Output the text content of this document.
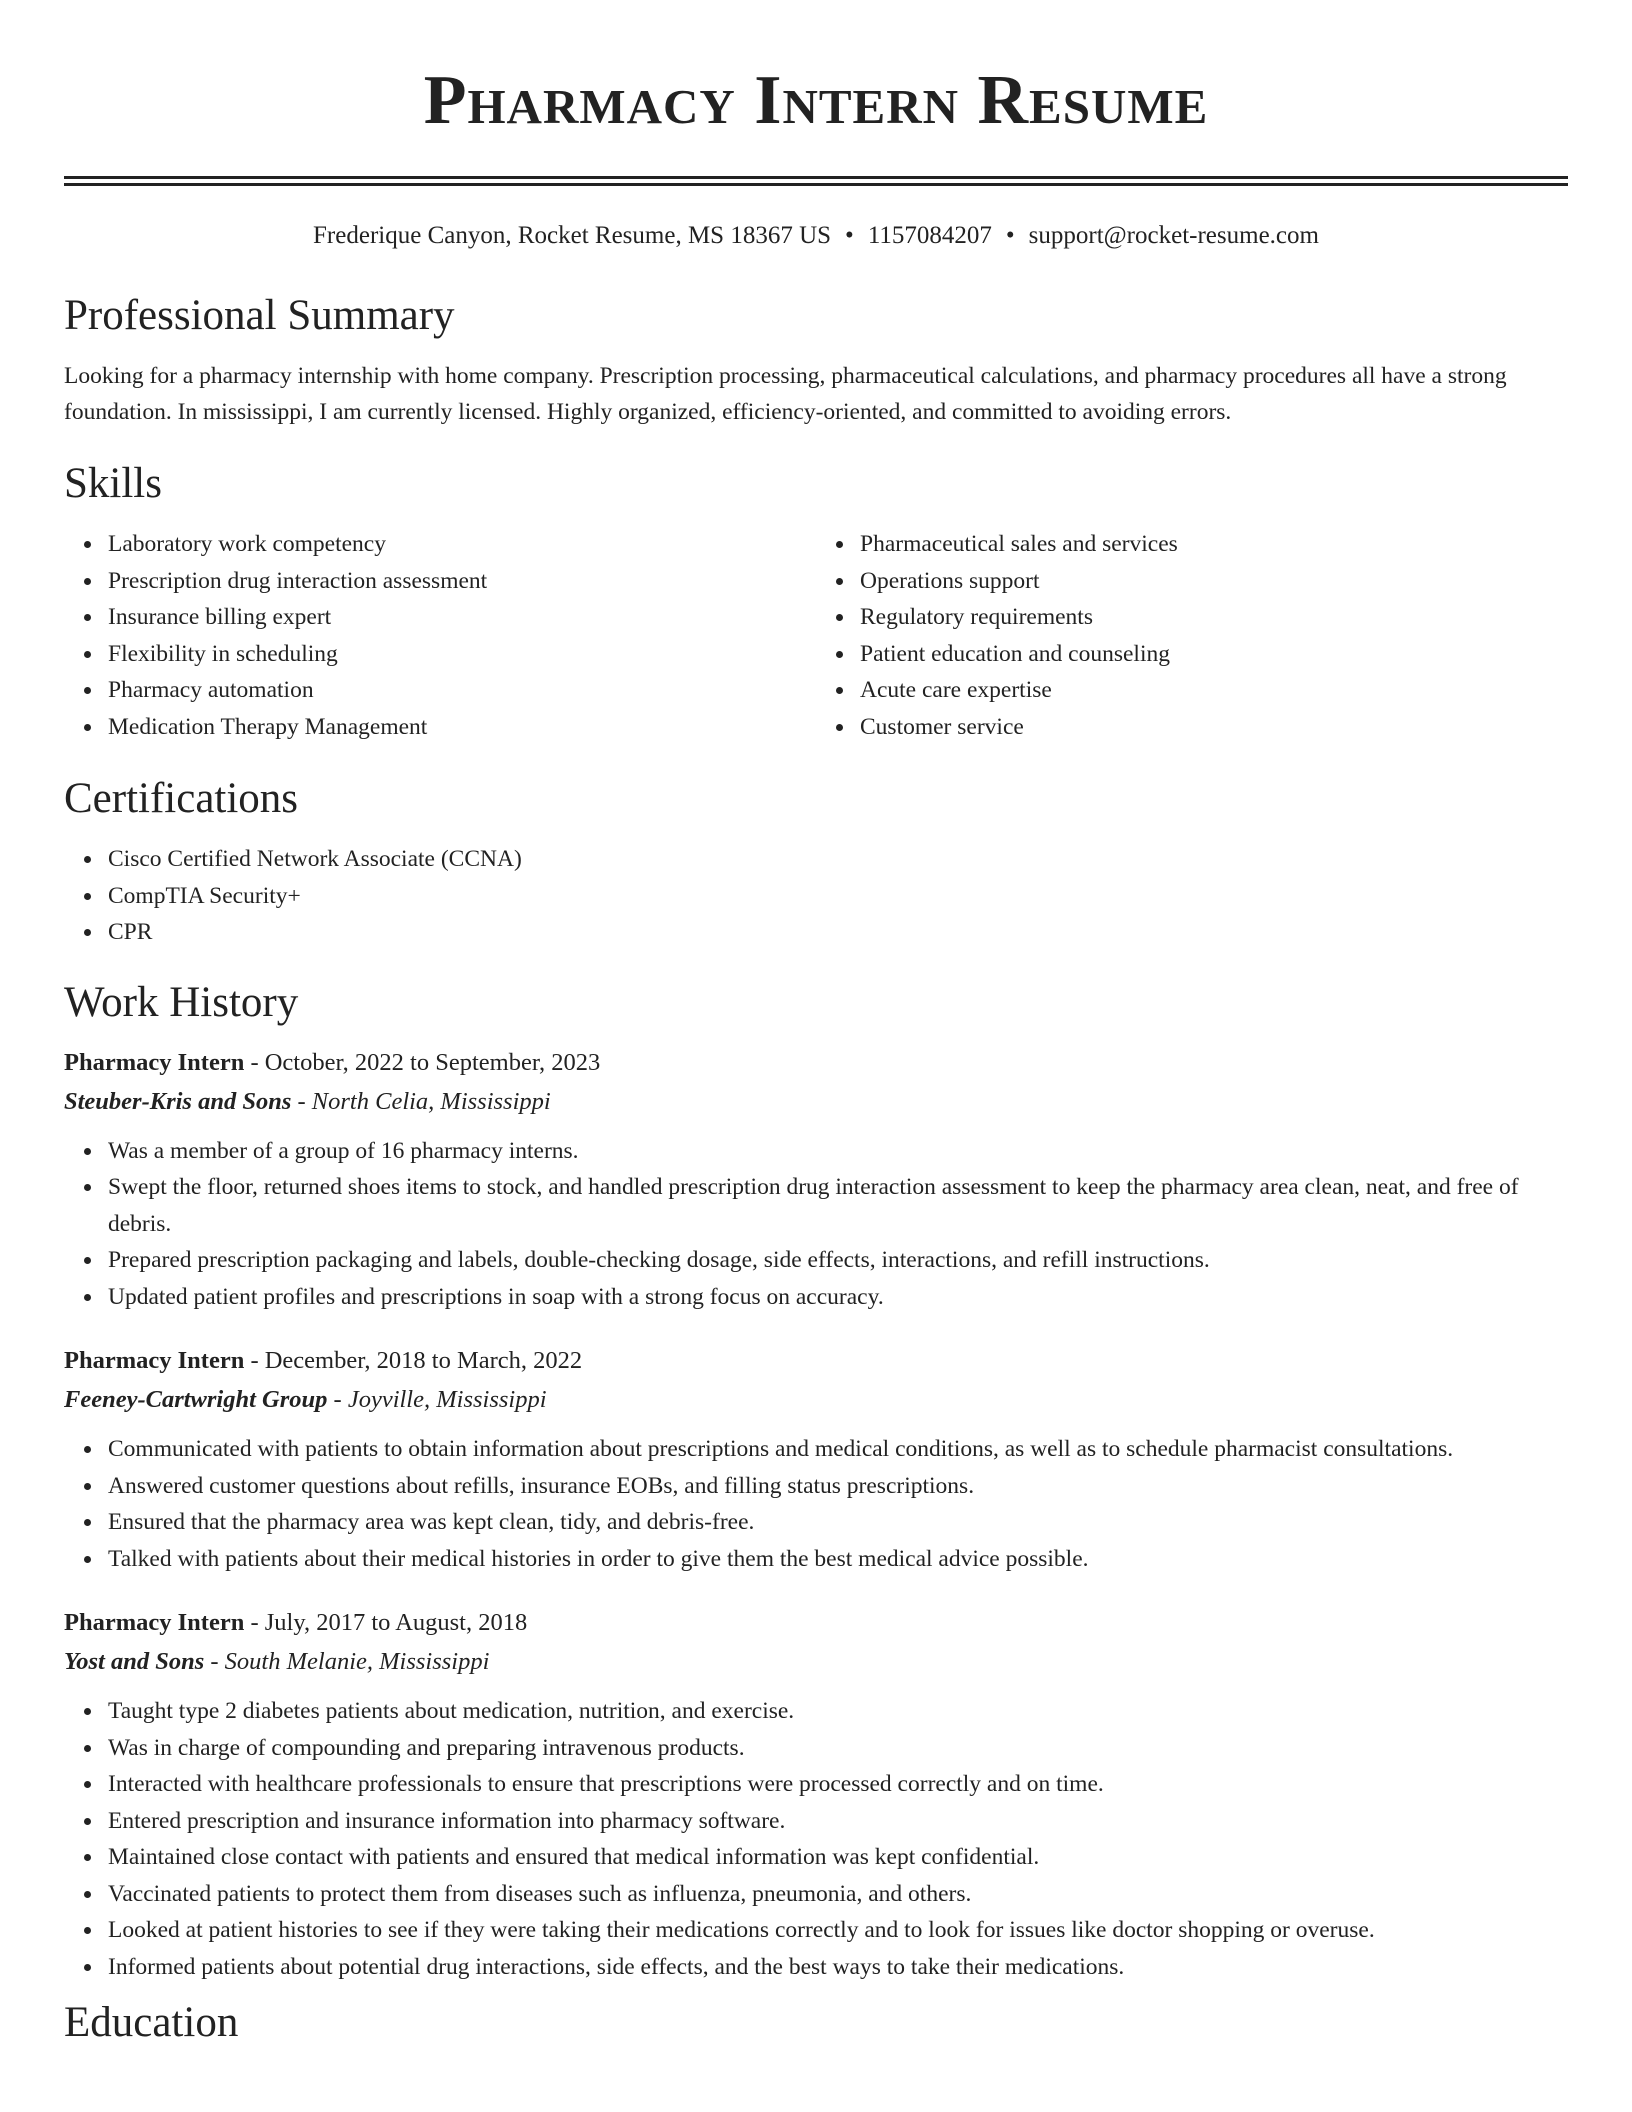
Pharmacy Intern Resume
Frederique Canyon, Rocket Resume, MS 18367 US • 1157084207 • support@rocket-resume.com
Professional Summary

Looking for a pharmacy internship with home company. Prescription processing, pharmaceutical calculations, and pharmacy procedures all have a strong foundation. In mississippi, I am currently licensed. Highly organized, efficiency-oriented, and committed to avoiding errors.

Skills
Laboratory work competency
Prescription drug interaction assessment
Insurance billing expert
Flexibility in scheduling
Pharmacy automation
Medication Therapy Management
Pharmaceutical sales and services
Operations support
Regulatory requirements
Patient education and counseling
Acute care expertise
Customer service
Certifications
Cisco Certified Network Associate (CCNA)
CompTIA Security+
CPR
Work History

Pharmacy Intern - October, 2022 to September, 2023

Steuber-Kris and Sons - North Celia, Mississippi

Was a member of a group of 16 pharmacy interns.
Swept the floor, returned shoes items to stock, and handled prescription drug interaction assessment to keep the pharmacy area clean, neat, and free of debris.
Prepared prescription packaging and labels, double-checking dosage, side effects, interactions, and refill instructions.
Updated patient profiles and prescriptions in soap with a strong focus on accuracy.

Pharmacy Intern - December, 2018 to March, 2022

Feeney-Cartwright Group - Joyville, Mississippi

Communicated with patients to obtain information about prescriptions and medical conditions, as well as to schedule pharmacist consultations.
Answered customer questions about refills, insurance EOBs, and filling status prescriptions.
Ensured that the pharmacy area was kept clean, tidy, and debris-free.
Talked with patients about their medical histories in order to give them the best medical advice possible.

Pharmacy Intern - July, 2017 to August, 2018

Yost and Sons - South Melanie, Mississippi

Taught type 2 diabetes patients about medication, nutrition, and exercise.
Was in charge of compounding and preparing intravenous products.
Interacted with healthcare professionals to ensure that prescriptions were processed correctly and on time.
Entered prescription and insurance information into pharmacy software.
Maintained close contact with patients and ensured that medical information was kept confidential.
Vaccinated patients to protect them from diseases such as influenza, pneumonia, and others.
Looked at patient histories to see if they were taking their medications correctly and to look for issues like doctor shopping or overuse.
Informed patients about potential drug interactions, side effects, and the best ways to take their medications.
Education
